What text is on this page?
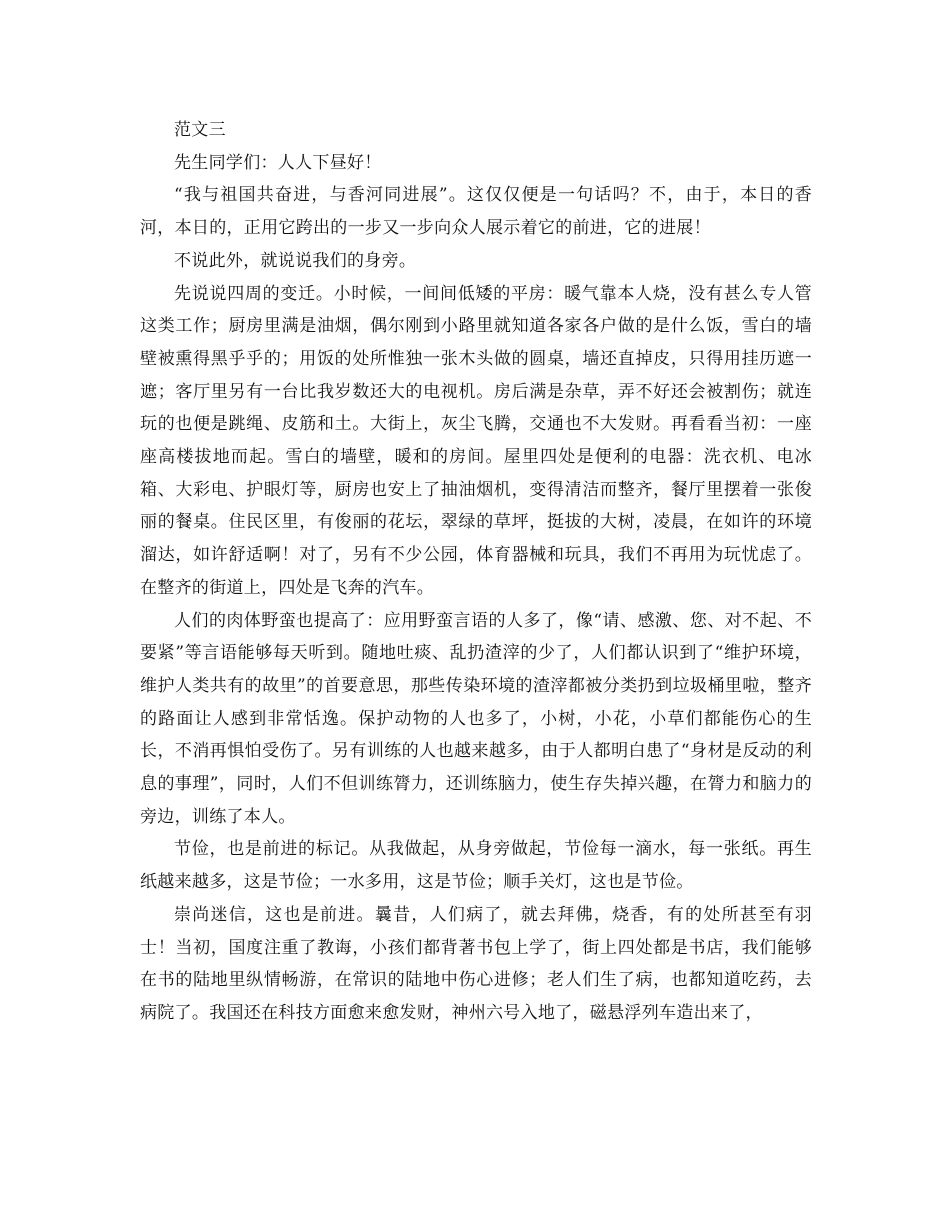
范文三

先生同学们：人人下昼好！

“我与祖国共奋进，与香河同进展”。这仅仅便是一句话吗？不，由于，本日的香河，本日的，正用它跨出的一步又一步向众人展示着它的前进，它的进展！

不说此外，就说说我们的身旁。

先说说四周的变迁。小时候，一间间低矮的平房：暖气靠本人烧，没有甚么专人管这类工作；厨房里满是油烟，偶尔刚到小路里就知道各家各户做的是什么饭，雪白的墙壁被熏得黑乎乎的；用饭的处所惟独一张木头做的圆桌，墙还直掉皮，只得用挂历遮一遮；客厅里另有一台比我岁数还大的电视机。房后满是杂草，弄不好还会被割伤；就连玩的也便是跳绳、皮筋和土。大街上，灰尘飞腾，交通也不大发财。再看看当初：一座座高楼拔地而起。雪白的墙壁，暖和的房间。屋里四处是便利的电器：洗衣机、电冰箱、大彩电、护眼灯等，厨房也安上了抽油烟机，变得清洁而整齐，餐厅里摆着一张俊丽的餐桌。住民区里，有俊丽的花坛，翠绿的草坪，挺拔的大树，凌晨，在如许的环境溜达，如许舒适啊！对了，另有不少公园，体育器械和玩具，我们不再用为玩忧虑了。在整齐的街道上，四处是飞奔的汽车。

人们的肉体野蛮也提高了：应用野蛮言语的人多了，像“请、感激、您、对不起、不要紧”等言语能够每天听到。随地吐痰、乱扔渣滓的少了，人们都认识到了“维护环境，维护人类共有的故里”的首要意思，那些传染环境的渣滓都被分类扔到垃圾桶里啦，整齐的路面让人感到非常恬逸。保护动物的人也多了，小树，小花，小草们都能伤心的生长，不消再惧怕受伤了。另有训练的人也越来越多，由于人都明白患了“身材是反动的利息的事理”，同时，人们不但训练膂力，还训练脑力，使生存失掉兴趣，在膂力和脑力的旁边，训练了本人。

节俭，也是前进的标记。从我做起，从身旁做起，节俭每一滴水，每一张纸。再生纸越来越多，这是节俭；一水多用，这是节俭；顺手关灯，这也是节俭。

崇尚迷信，这也是前进。曩昔，人们病了，就去拜佛，烧香，有的处所甚至有羽士！当初，国度注重了教诲，小孩们都背著书包上学了，街上四处都是书店，我们能够在书的陆地里纵情畅游，在常识的陆地中伤心进修；老人们生了病，也都知道吃药，去病院了。我国还在科技方面愈来愈发财，神州六号入地了，磁悬浮列车造出来了，
